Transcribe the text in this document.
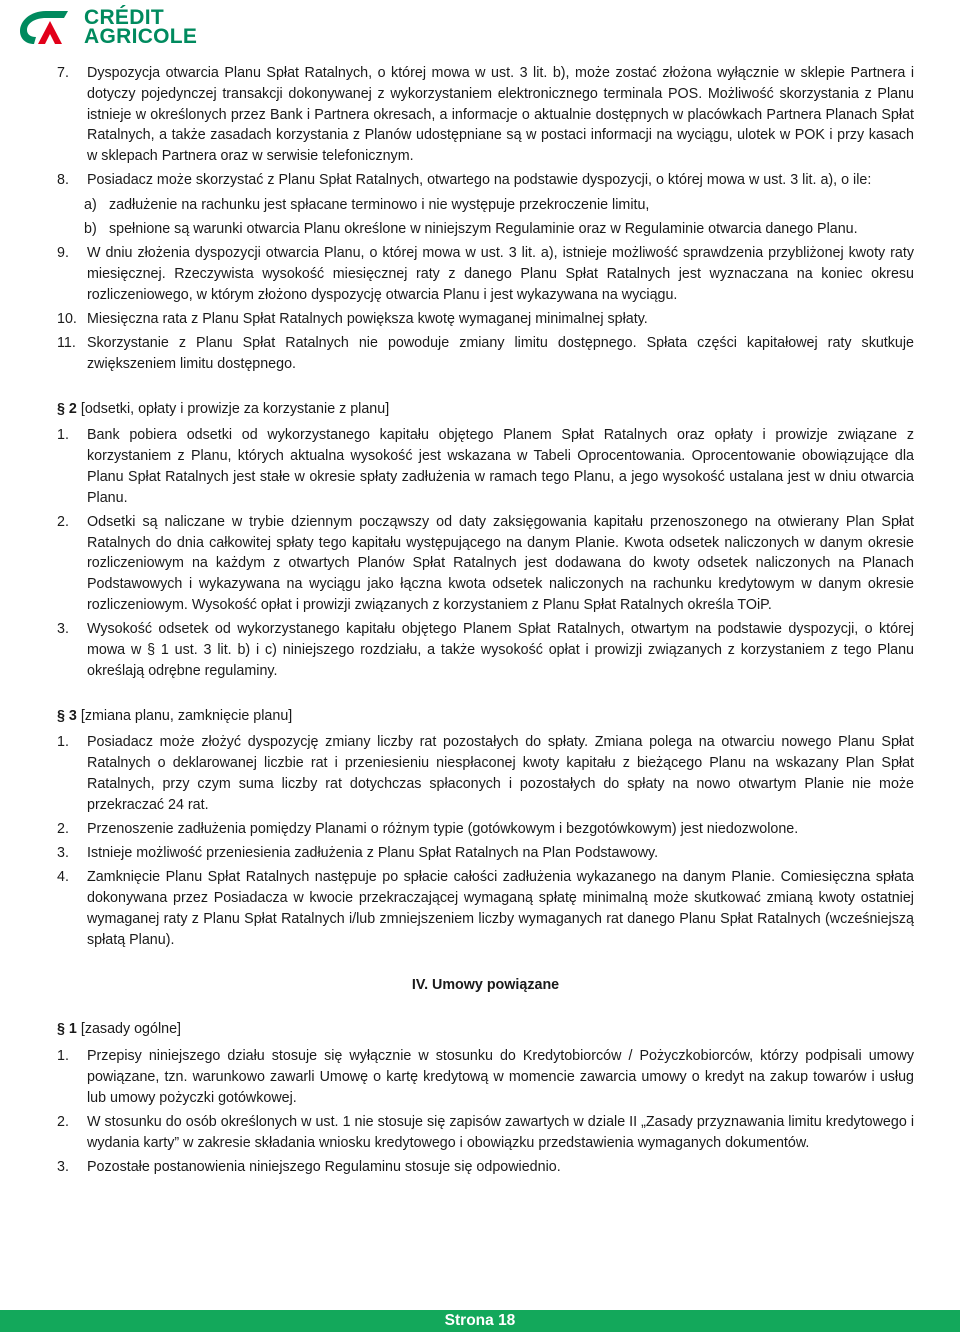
CRÉDIT
AGRICOLE
7. Dyspozycja otwarcia Planu Spłat Ratalnych, o której mowa w ust. 3 lit. b), może zostać złożona wyłącznie w sklepie Partnera i dotyczy pojedynczej transakcji dokonywanej z wykorzystaniem elektronicznego terminala POS. Możliwość skorzystania z Planu istnieje w określonych przez Bank i Partnera okresach, a informacje o aktualnie dostępnych w placówkach Partnera Planach Spłat Ratalnych, a także zasadach korzystania z Planów udostępniane są w postaci informacji na wyciągu, ulotek w POK i przy kasach w sklepach Partnera oraz w serwisie telefonicznym.
8. Posiadacz może skorzystać z Planu Spłat Ratalnych, otwartego na podstawie dyspozycji, o której mowa w ust. 3 lit. a), o ile:
a) zadłużenie na rachunku jest spłacane terminowo i nie występuje przekroczenie limitu,
b) spełnione są warunki otwarcia Planu określone w niniejszym Regulaminie oraz w Regulaminie otwarcia danego Planu.
9. W dniu złożenia dyspozycji otwarcia Planu, o której mowa w ust. 3 lit. a), istnieje możliwość sprawdzenia przybliżonej kwoty raty miesięcznej. Rzeczywista wysokość miesięcznej raty z danego Planu Spłat Ratalnych jest wyznaczana na koniec okresu rozliczeniowego, w którym złożono dyspozycję otwarcia Planu i jest wykazywana na wyciągu.
10. Miesięczna rata z Planu Spłat Ratalnych powiększa kwotę wymaganej minimalnej spłaty.
11. Skorzystanie z Planu Spłat Ratalnych nie powoduje zmiany limitu dostępnego. Spłata części kapitałowej raty skutkuje zwiększeniem limitu dostępnego.
§ 2 [odsetki, opłaty i prowizje za korzystanie z planu]
1. Bank pobiera odsetki od wykorzystanego kapitału objętego Planem Spłat Ratalnych oraz opłaty i prowizje związane z korzystaniem z Planu, których aktualna wysokość jest wskazana w Tabeli Oprocentowania. Oprocentowanie obowiązujące dla Planu Spłat Ratalnych jest stałe w okresie spłaty zadłużenia w ramach tego Planu, a jego wysokość ustalana jest w dniu otwarcia Planu.
2. Odsetki są naliczane w trybie dziennym począwszy od daty zaksięgowania kapitału przenoszonego na otwierany Plan Spłat Ratalnych do dnia całkowitej spłaty tego kapitału występującego na danym Planie. Kwota odsetek naliczonych w danym okresie rozliczeniowym na każdym z otwartych Planów Spłat Ratalnych jest dodawana do kwoty odsetek naliczonych na Planach Podstawowych i wykazywana na wyciągu jako łączna kwota odsetek naliczonych na rachunku kredytowym w danym okresie rozliczeniowym. Wysokość opłat i prowizji związanych z korzystaniem z Planu Spłat Ratalnych określa TOiP.
3. Wysokość odsetek od wykorzystanego kapitału objętego Planem Spłat Ratalnych, otwartym na podstawie dyspozycji, o której mowa w § 1 ust. 3 lit. b) i c) niniejszego rozdziału, a także wysokość opłat i prowizji związanych z korzystaniem z tego Planu określają odrębne regulaminy.
§ 3 [zmiana planu, zamknięcie planu]
1. Posiadacz może złożyć dyspozycję zmiany liczby rat pozostałych do spłaty. Zmiana polega na otwarciu nowego Planu Spłat Ratalnych o deklarowanej liczbie rat i przeniesieniu niespłaconej kwoty kapitału z bieżącego Planu na wskazany Plan Spłat Ratalnych, przy czym suma liczby rat dotychczas spłaconych i pozostałych do spłaty na nowo otwartym Planie nie może przekraczać 24 rat.
2. Przenoszenie zadłużenia pomiędzy Planami o różnym typie (gotówkowym i bezgotówkowym) jest niedozwolone.
3. Istnieje możliwość przeniesienia zadłużenia z Planu Spłat Ratalnych na Plan Podstawowy.
4. Zamknięcie Planu Spłat Ratalnych następuje po spłacie całości zadłużenia wykazanego na danym Planie. Comiesięczna spłata dokonywana przez Posiadacza w kwocie przekraczającej wymaganą spłatę minimalną może skutkować zmianą kwoty ostatniej wymaganej raty z Planu Spłat Ratalnych i/lub zmniejszeniem liczby wymaganych rat danego Planu Spłat Ratalnych (wcześniejszą spłatą Planu).
IV. Umowy powiązane
§ 1 [zasady ogólne]
1. Przepisy niniejszego działu stosuje się wyłącznie w stosunku do Kredytobiorców / Pożyczkobiorców, którzy podpisali umowy powiązane, tzn. warunkowo zawarli Umowę o kartę kredytową w momencie zawarcia umowy o kredyt na zakup towarów i usług lub umowy pożyczki gotówkowej.
2. W stosunku do osób określonych w ust. 1 nie stosuje się zapisów zawartych w dziale II „Zasady przyznawania limitu kredytowego i wydania karty” w zakresie składania wniosku kredytowego i obowiązku przedstawienia wymaganych dokumentów.
3. Pozostałe postanowienia niniejszego Regulaminu stosuje się odpowiednio.
Strona 18
